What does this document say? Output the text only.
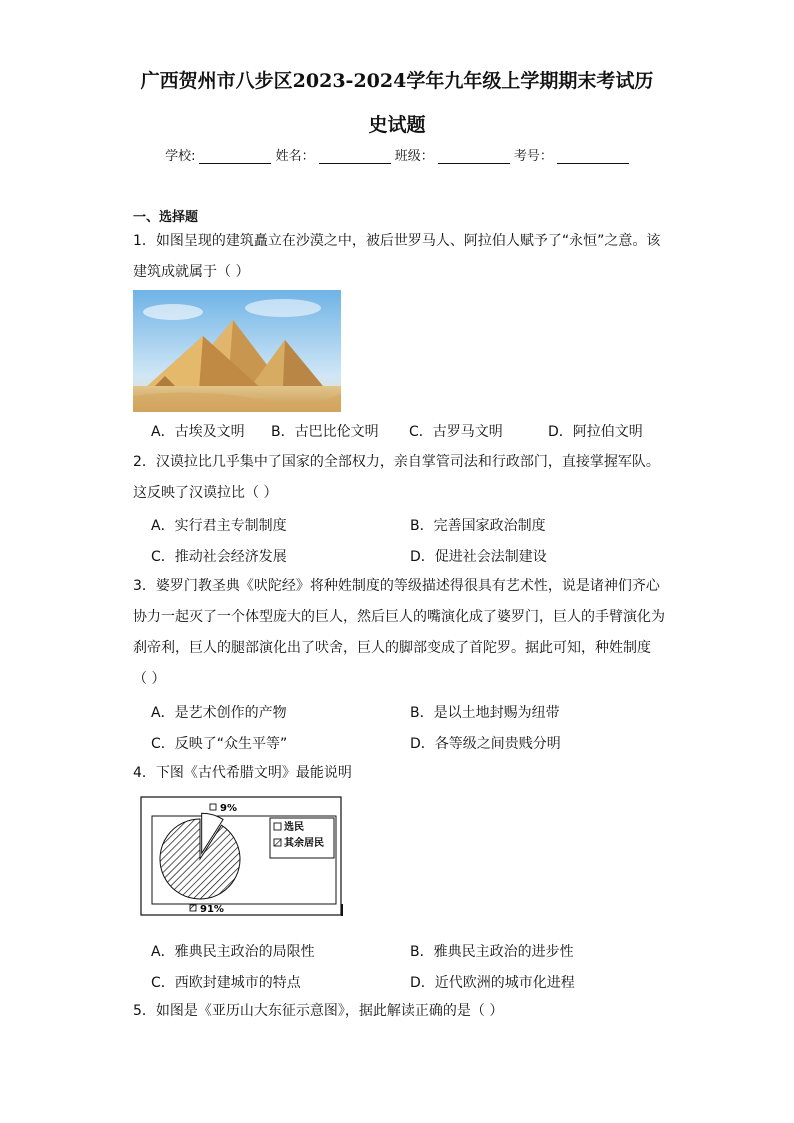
广西贺州市八步区2023-2024学年九年级上学期期末考试历
史试题
学校:	姓名：	班级：	考号：
一、选择题
1．如图呈现的建筑矗立在沙漠之中，被后世罗马人、阿拉伯人赋予了“永恒”之意。该
建筑成就属于（ ）
A．古埃及文明 B．古巴比伦文明 C．古罗马文明	D．阿拉伯文明
2．汉谟拉比几乎集中了国家的全部权力，亲自掌管司法和行政部门，直接掌握军队。
这反映了汉谟拉比（ ）
A．实行君主专制制度	B．完善国家政治制度
C．推动社会经济发展	D．促进社会法制建设
3．婆罗门教圣典《吠陀经》将种姓制度的等级描述得很具有艺术性，说是诸神们齐心
协力一起灭了一个体型庞大的巨人，然后巨人的嘴演化成了婆罗门，巨人的手臂演化为
刹帝利，巨人的腿部演化出了吠舍，巨人的脚部变成了首陀罗。据此可知，种姓制度
（ ）
A．是艺术创作的产物	B．是以土地封赐为纽带
C．反映了“众生平等”	D．各等级之间贵贱分明
4．下图《古代希腊文明》最能说明
选民
其余居民
9%
91%
A．雅典民主政治的局限性	B．雅典民主政治的进步性
C．西欧封建城市的特点	D．近代欧洲的城市化进程
5．如图是《亚历山大东征示意图》，据此解读正确的是（ ）
